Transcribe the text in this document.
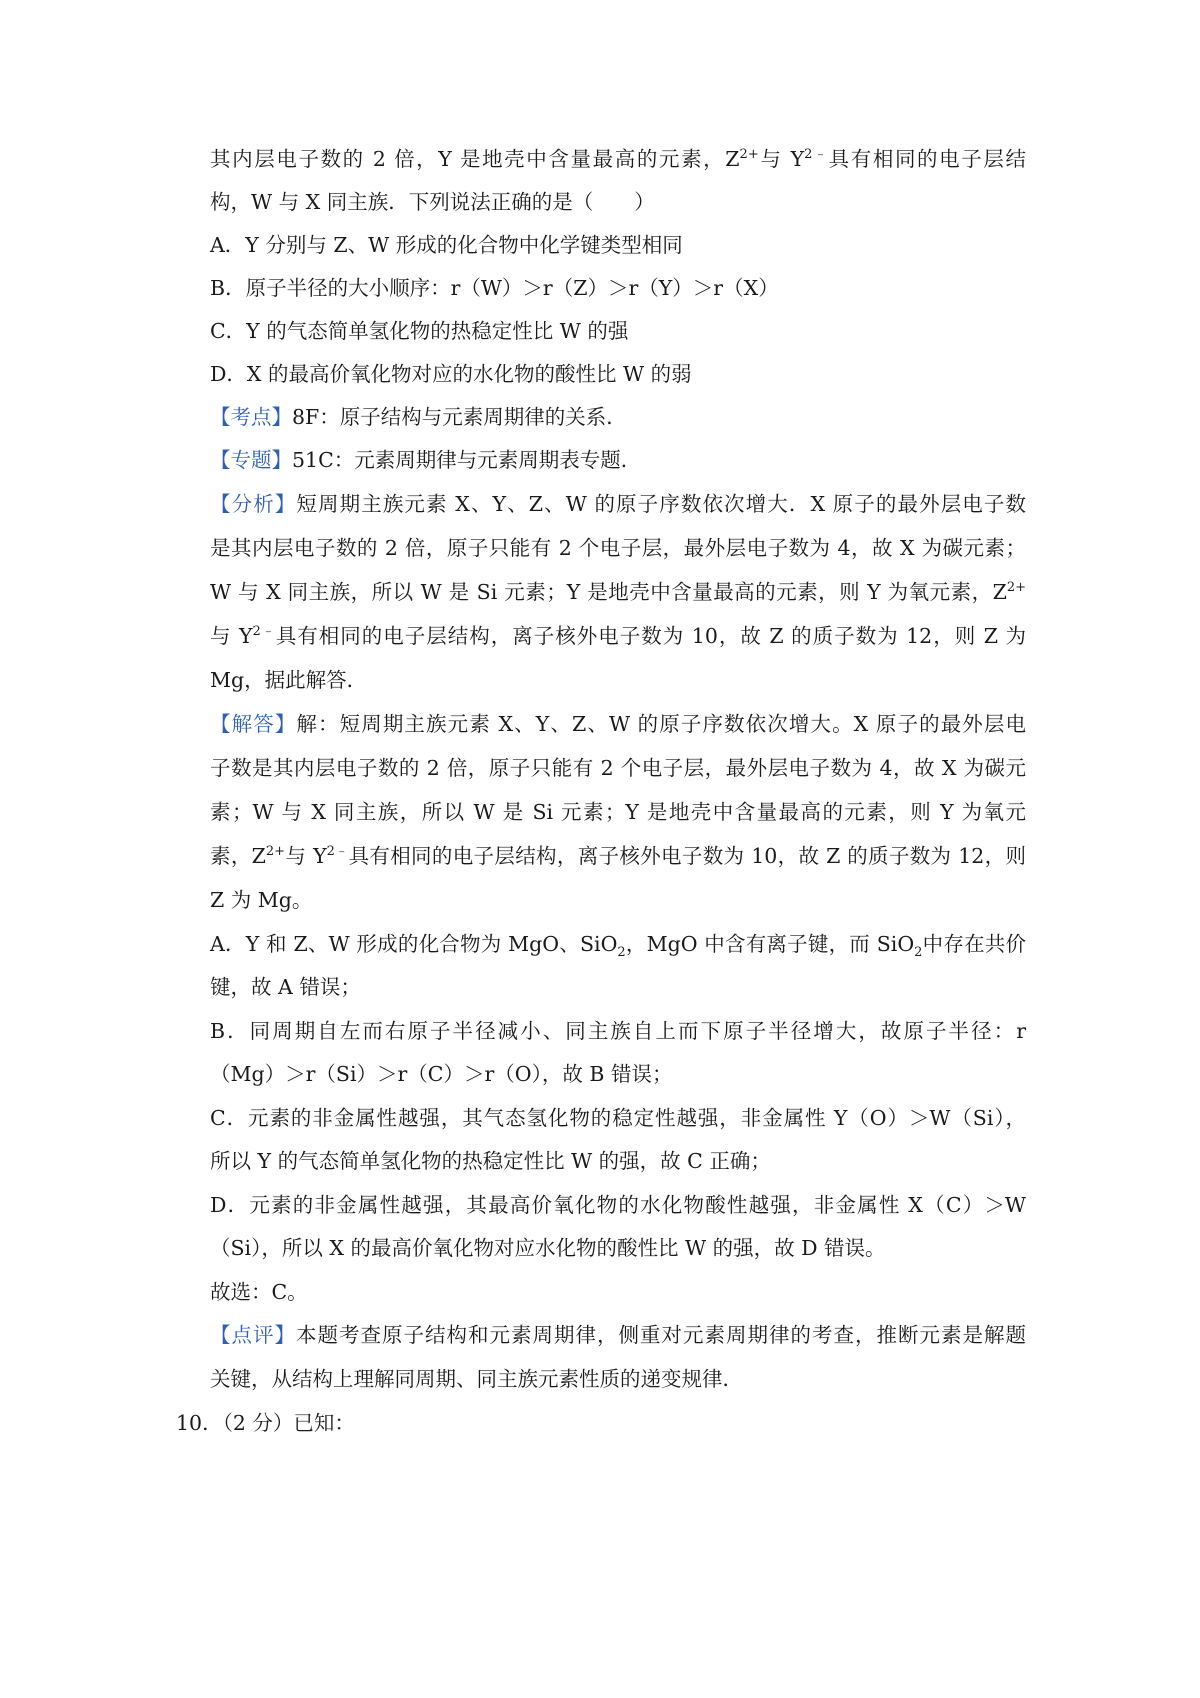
其内层电子数的 2 倍，Y 是地壳中含量最高的元素，$Z^{2+}$与 $Y^{2﹣}$具有相同的电子层结
构，W 与 X 同主族．下列说法正确的是（　　）
A．Y 分别与 Z、W 形成的化合物中化学键类型相同
B．原子半径的大小顺序：r（W）＞r（Z）＞r（Y）＞r（X）
C．Y 的气态简单氢化物的热稳定性比 W 的强
D．X 的最高价氧化物对应的水化物的酸性比 W 的弱
【考点】8F：原子结构与元素周期律的关系．
【专题】51C：元素周期律与元素周期表专题．
【分析】短周期主族元素 X、Y、Z、W 的原子序数依次增大．X 原子的最外层电子数
是其内层电子数的 2 倍，原子只能有 2 个电子层，最外层电子数为 4，故 X 为碳元素；
W 与 X 同主族，所以 W 是 Si 元素；Y 是地壳中含量最高的元素，则 Y 为氧元素，$Z^{2+}$
与 $Y^{2﹣}$具有相同的电子层结构，离子核外电子数为 10，故 Z 的质子数为 12，则 Z 为
Mg，据此解答．
【解答】解：短周期主族元素 X、Y、Z、W 的原子序数依次增大。X 原子的最外层电
子数是其内层电子数的 2 倍，原子只能有 2 个电子层，最外层电子数为 4，故 X 为碳元
素；W 与 X 同主族，所以 W 是 Si 元素；Y 是地壳中含量最高的元素，则 Y 为氧元
素，$Z^{2+}$与 $Y^{2﹣}$具有相同的电子层结构，离子核外电子数为 10，故 Z 的质子数为 12，则
Z 为 Mg。
A．Y 和 Z、W 形成的化合物为 MgO、SiO$_2$，MgO 中含有离子键，而 SiO$_2$中存在共价
键，故 A 错误；
B．同周期自左而右原子半径减小、同主族自上而下原子半径增大，故原子半径：r
（Mg）＞r（Si）＞r（C）＞r（O），故 B 错误；
C．元素的非金属性越强，其气态氢化物的稳定性越强，非金属性 Y（O）＞W（Si），
所以 Y 的气态简单氢化物的热稳定性比 W 的强，故 C 正确；
D．元素的非金属性越强，其最高价氧化物的水化物酸性越强，非金属性 X（C）＞W
（Si），所以 X 的最高价氧化物对应水化物的酸性比 W 的强，故 D 错误。
故选：C。
【点评】本题考查原子结构和元素周期律，侧重对元素周期律的考查，推断元素是解题
关键，从结构上理解同周期、同主族元素性质的递变规律．
10．（2 分）已知：
